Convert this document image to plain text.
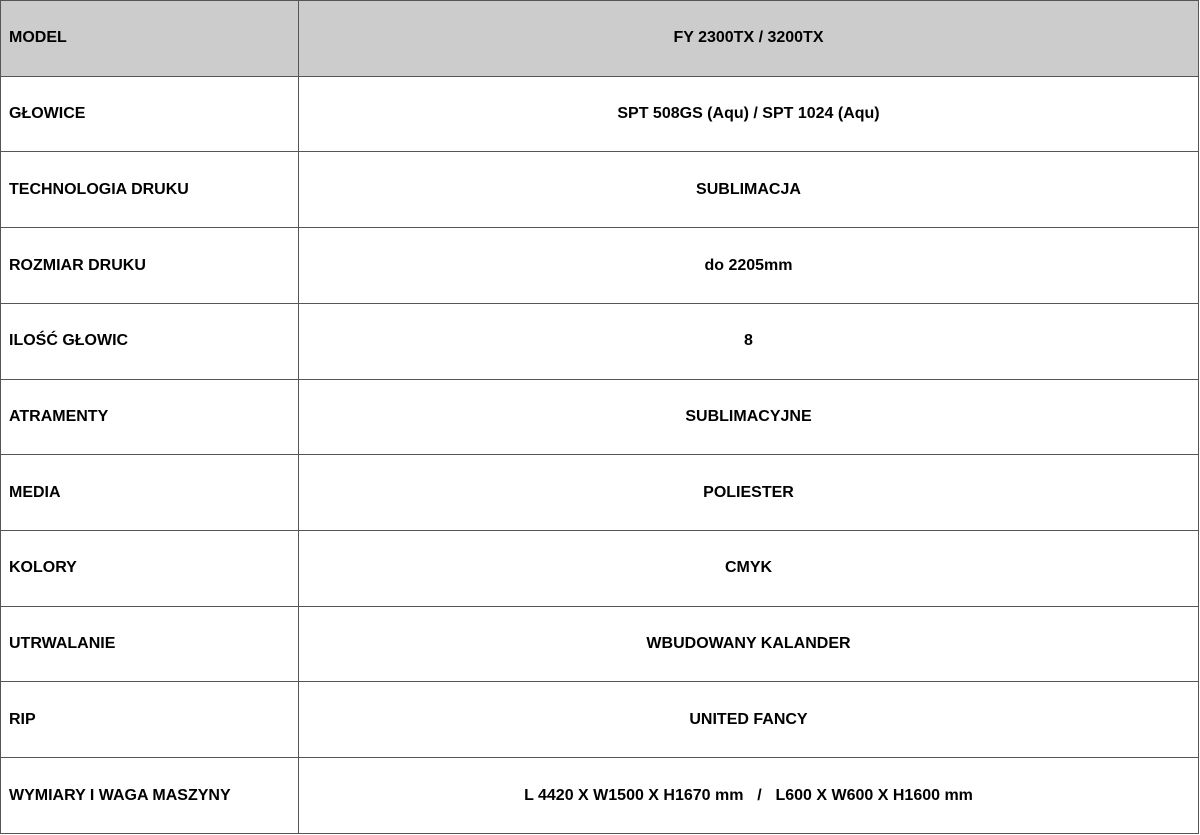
MODEL	FY 2300TX / 3200TX
GŁOWICE	SPT 508GS (Aqu) / SPT 1024 (Aqu)
TECHNOLOGIA DRUKU	SUBLIMACJA
ROZMIAR DRUKU	do 2205mm
ILOŚĆ GŁOWIC	8
ATRAMENTY	SUBLIMACYJNE
MEDIA	POLIESTER
KOLORY	CMYK
UTRWALANIE	WBUDOWANY KALANDER
RIP	UNITED FANCY
WYMIARY I WAGA MASZYNY	L 4420 X W1500 X H1670 mm / L600 X W600 X H1600 mm
